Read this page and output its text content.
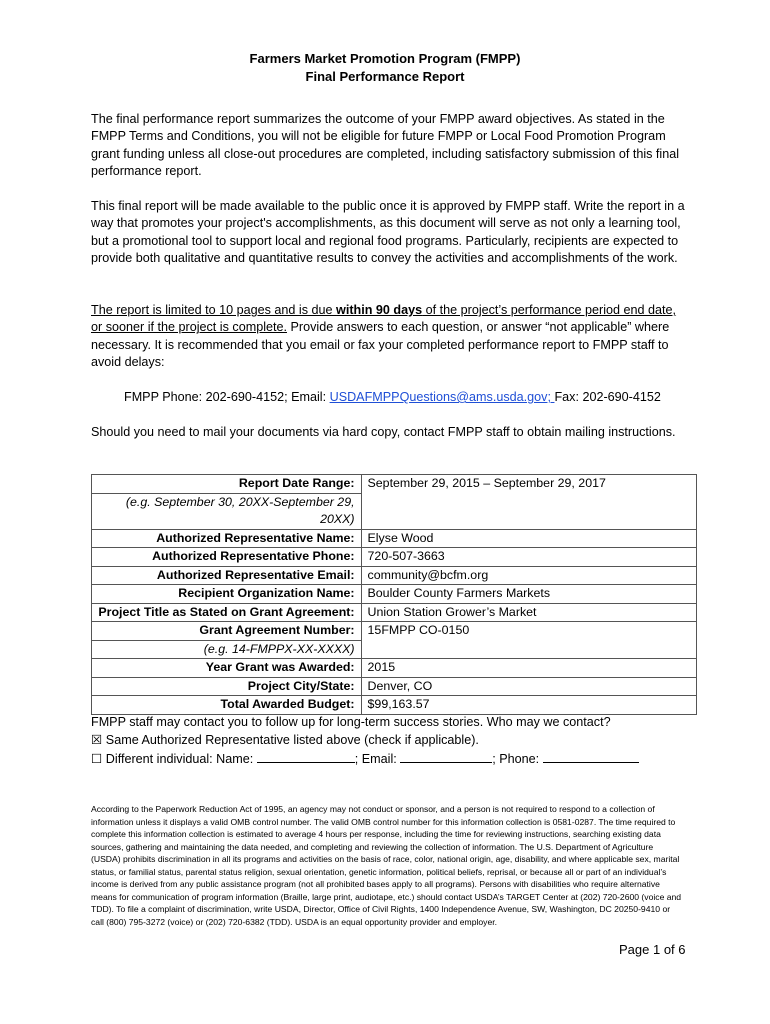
Farmers Market Promotion Program (FMPP)
Final Performance Report

The final performance report summarizes the outcome of your FMPP award objectives. As stated in the FMPP Terms and Conditions, you will not be eligible for future FMPP or Local Food Promotion Program grant funding unless all close-out procedures are completed, including satisfactory submission of this final performance report.

This final report will be made available to the public once it is approved by FMPP staff. Write the report in a way that promotes your project's accomplishments, as this document will serve as not only a learning tool, but a promotional tool to support local and regional food programs. Particularly, recipients are expected to provide both qualitative and quantitative results to convey the activities and accomplishments of the work.

The report is limited to 10 pages and is due within 90 days of the project’s performance period end date, or sooner if the project is complete. Provide answers to each question, or answer “not applicable” where necessary. It is recommended that you email or fax your completed performance report to FMPP staff to avoid delays:

FMPP Phone: 202-690-4152; Email: USDAFMPPQuestions@ams.usda.gov; Fax: 202-690-4152

Should you need to mail your documents via hard copy, contact FMPP staff to obtain mailing instructions.

Report Date Range:	September 29, 2015 – September 29, 2017
(e.g. September 30, 20XX-September 29, 20XX)	
Authorized Representative Name:	Elyse Wood
Authorized Representative Phone:	720-507-3663
Authorized Representative Email:	community@bcfm.org
Recipient Organization Name:	Boulder County Farmers Markets
Project Title as Stated on Grant Agreement:	Union Station Grower’s Market
Grant Agreement Number:	15FMPP CO-0150
(e.g. 14-FMPPX-XX-XXXX)	
Year Grant was Awarded:	2015
Project City/State:	Denver, CO
Total Awarded Budget:	$99,163.57
FMPP staff may contact you to follow up for long-term success stories. Who may we contact?
☒ Same Authorized Representative listed above (check if applicable).
☐ Different individual: Name:	; Email:	; Phone:

According to the Paperwork Reduction Act of 1995, an agency may not conduct or sponsor, and a person is not required to respond to a collection of information unless it displays a valid OMB control number. The valid OMB control number for this information collection is 0581-0287. The time required to complete this information collection is estimated to average 4 hours per response, including the time for reviewing instructions, searching existing data sources, gathering and maintaining the data needed, and completing and reviewing the collection of information. The U.S. Department of Agriculture (USDA) prohibits discrimination in all its programs and activities on the basis of race, color, national origin, age, disability, and where applicable sex, marital status, or familial status, parental status religion, sexual orientation, genetic information, political beliefs, reprisal, or because all or part of an individual’s income is derived from any public assistance program (not all prohibited bases apply to all programs). Persons with disabilities who require alternative means for communication of program information (Braille, large print, audiotape, etc.) should contact USDA’s TARGET Center at (202) 720-2600 (voice and TDD). To file a complaint of discrimination, write USDA, Director, Office of Civil Rights, 1400 Independence Avenue, SW, Washington, DC 20250-9410 or call (800) 795-3272 (voice) or (202) 720-6382 (TDD). USDA is an equal opportunity provider and employer.

Page 1 of 6
